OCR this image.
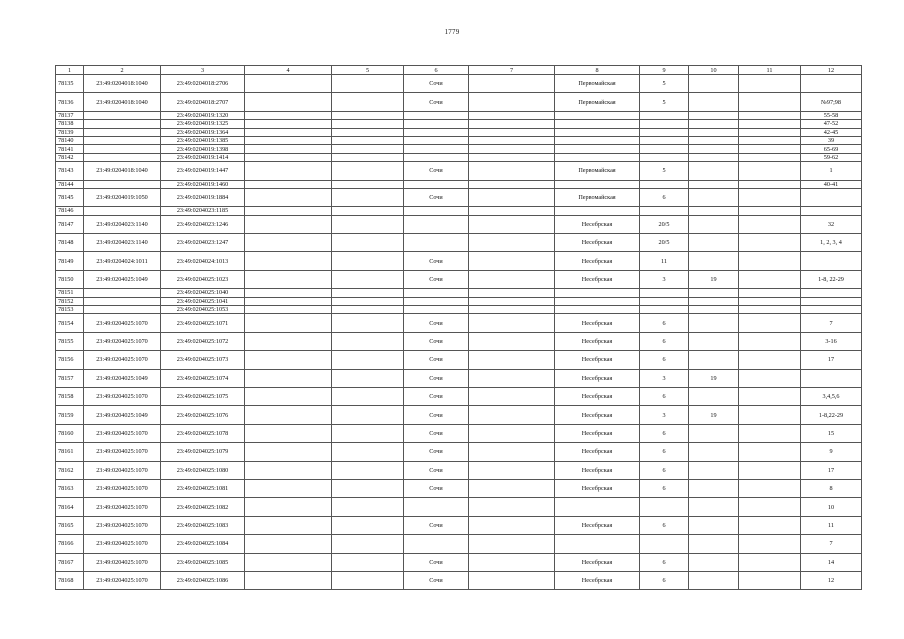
1779
1	2	3	4	5	6	7	8	9	10	11	12
78135	23:49:0204018:1040	23:49:0204018:2706			Сочи		Первомайская	5			
78136	23:49:0204018:1040	23:49:0204018:2707			Сочи		Первомайская	5			№97;98
78137		23:49:0204019:1320									55-58
78138		23:49:0204019:1325									47-52
78139		23:49:0204019:1364									42-45
78140		23:49:0204019:1385									39
78141		23:49:0204019:1398									65-69
78142		23:49:0204019:1414									59-62
78143	23:49:0204018:1040	23:49:0204019:1447			Сочи		Первомайская	5			1
78144		23:49:0204019:1460									40-41
78145	23:49:0204019:1050	23:49:0204019:1884			Сочи		Первомайская	6			
78146		23:49:0204023:1185									
78147	23:49:0204023:1140	23:49:0204023:1246					Несебрская	20/5			32
78148	23:49:0204023:1140	23:49:0204023:1247					Несебрская	20/5			1, 2, 3, 4
78149	23:49:0204024:1011	23:49:0204024:1013			Сочи		Несебрская	11			
78150	23:49:0204025:1049	23:49:0204025:1023			Сочи		Несебрская	3	19		1-8, 22-29
78151		23:49:0204025:1040									
78152		23:49:0204025:1041									
78153		23:49:0204025:1053									
78154	23:49:0204025:1070	23:49:0204025:1071			Сочи		Несебрская	6			7
78155	23:49:0204025:1070	23:49:0204025:1072			Сочи		Несебрская	6			3-16
78156	23:49:0204025:1070	23:49:0204025:1073			Сочи		Несебрская	6			17
78157	23:49:0204025:1049	23:49:0204025:1074			Сочи		Несебрская	3	19		
78158	23:49:0204025:1070	23:49:0204025:1075			Сочи		Несебрская	6			3,4,5,6
78159	23:49:0204025:1049	23:49:0204025:1076			Сочи		Несебрская	3	19		1-8,22-29
78160	23:49:0204025:1070	23:49:0204025:1078			Сочи		Несебрская	6			15
78161	23:49:0204025:1070	23:49:0204025:1079			Сочи		Несебрская	6			9
78162	23:49:0204025:1070	23:49:0204025:1080			Сочи		Несебрская	6			17
78163	23:49:0204025:1070	23:49:0204025:1081			Сочи		Несебрская	6			8
78164	23:49:0204025:1070	23:49:0204025:1082									10
78165	23:49:0204025:1070	23:49:0204025:1083			Сочи		Несебрская	6			11
78166	23:49:0204025:1070	23:49:0204025:1084									7
78167	23:49:0204025:1070	23:49:0204025:1085			Сочи		Несебрская	6			14
78168	23:49:0204025:1070	23:49:0204025:1086			Сочи		Несебрская	6			12
